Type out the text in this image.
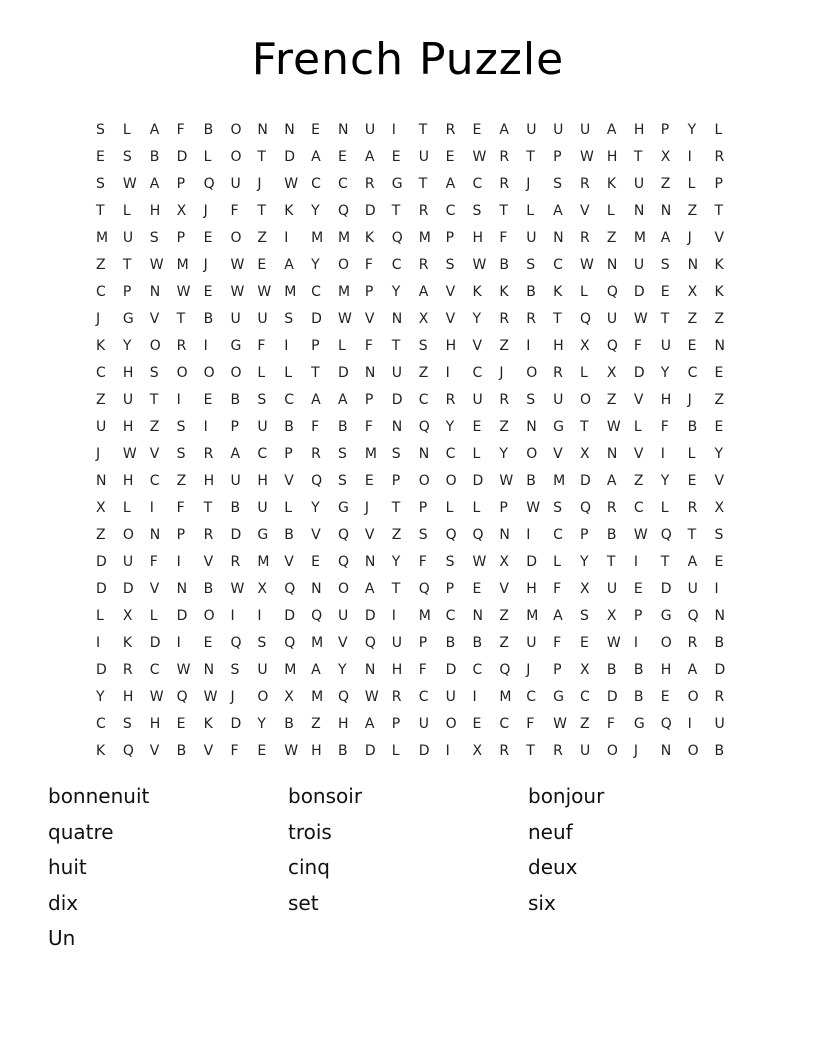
French Puzzle
S	L	A	F	B	O	N	N	E	N	U	I	T	R	E	A	U	U	U	A	H	P	Y	L
E	S	B	D	L	O	T	D	A	E	A	E	U	E	W R	T	P	W H	T	X	I	R
S	W A	P	Q	U	J	W C	C	R	G	T	A	C	R	J	S	R	K	U	Z	L	P
T	L	H	X	J	F	T	K	Y	Q	D	T	R	C	S	T	L	A	V	L	N	N	Z	T
M	U	S	P	E	O	Z	I	M	M	K	Q	M	P	H	F	U	N	R	Z	M	A	J	V
Z	T	W M	J	W E	A	Y	O	F	C	R	S	W B	S	C	W N	U	S	N	K
C	P	N	W E	W W M	C	M	P	Y	A	V	K	K	B	K	L	Q	D	E	X	K
J	G	V	T	B	U	U	S	D	W V	N	X	V	Y	R	R	T	Q	U	W T	Z	Z
K	Y	O	R	I	G	F	I	P	L	F	T	S	H	V	Z	I	H	X	Q	F	U	E	N
C	H	S	O	O	O	L	L	T	D	N	U	Z	I	C	J	O	R	L	X	D	Y	C	E
Z	U	T	I	E	B	S	C	A	A	P	D	C	R	U	R	S	U	O	Z	V	H	J	Z
U	H	Z	S	I	P	U	B	F	B	F	N	Q	Y	E	Z	N	G	T	W L	F	B	E
J	W V	S	R	A	C	P	R	S	M	S	N	C	L	Y	O	V	X	N	V	I	L	Y
N	H	C	Z	H	U	H	V	Q	S	E	P	O	O	D	W B	M	D	A	Z	Y	E	V
X	L	I	F	T	B	U	L	Y	G	J	T	P	L	L	P	W S	Q	R	C	L	R	X
Z	O	N	P	R	D	G	B	V	Q	V	Z	S	Q	Q	N	I	C	P	B	W Q	T	S
D	U	F	I	V	R	M	V	E	Q	N	Y	F	S	W X	D	L	Y	T	I	T	A	E
D	D	V	N	B	W X	Q	N	O	A	T	Q	P	E	V	H	F	X	U	E	D	U	I
L	X	L	D	O	I	I	D	Q	U	D	I	M	C	N	Z	M	A	S	X	P	G	Q	N
I	K	D	I	E	Q	S	Q	M	V	Q	U	P	B	B	Z	U	F	E	W I	O	R	B
D	R	C	W N	S	U	M	A	Y	N	H	F	D	C	Q	J	P	X	B	B	H	A	D
Y	H	W Q	W J	O	X	M	Q	W R	C	U	I	M	C	G	C	D	B	E	O	R
C	S	H	E	K	D	Y	B	Z	H	A	P	U	O	E	C	F	W Z	F	G	Q	I	U
K	Q	V	B	V	F	E	W H	B	D	L	D	I	X	R	T	R	U	O	J	N	O	B
bonnenuit	bonsoir	bonjour
quatre	trois	neuf
huit	cinq	deux
dix	set	six
Un
